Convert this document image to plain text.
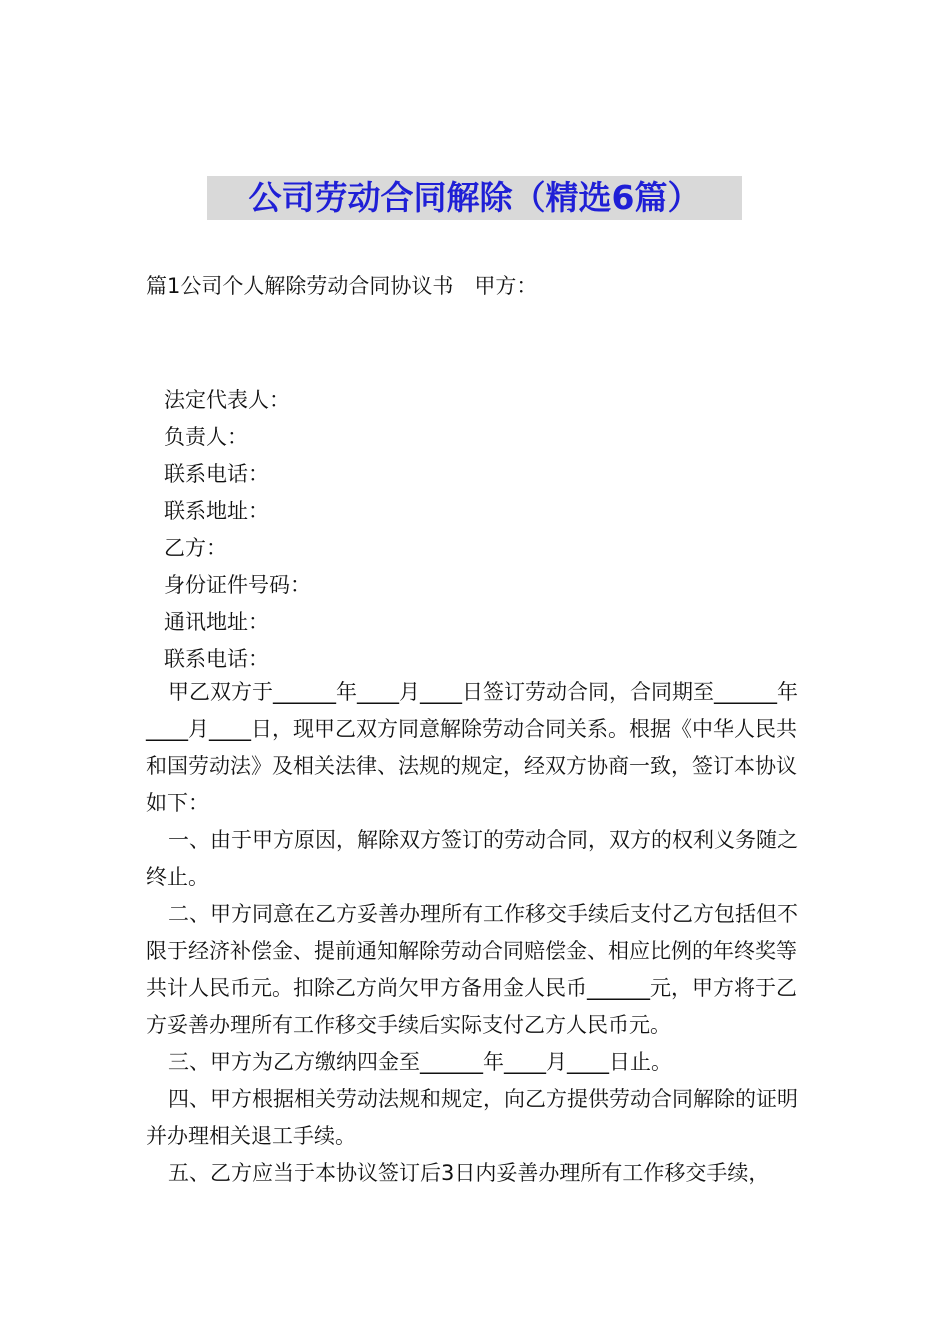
公司劳动合同解除（精选6篇）
篇1公司个人解除劳动合同协议书　甲方：
法定代表人：
负责人：
联系电话：
联系地址：
乙方：
身份证件号码：
通讯地址：
联系电话：
甲乙双方于______年____月____日签订劳动合同，合同期至______年____月____日，现甲乙双方同意解除劳动合同关系。根据《中华人民共和国劳动法》及相关法律、法规的规定，经双方协商一致，签订本协议如下：
一、由于甲方原因，解除双方签订的劳动合同，双方的权利义务随之终止。
二、甲方同意在乙方妥善办理所有工作移交手续后支付乙方包括但不限于经济补偿金、提前通知解除劳动合同赔偿金、相应比例的年终奖等共计人民币元。扣除乙方尚欠甲方备用金人民币______元，甲方将于乙方妥善办理所有工作移交手续后实际支付乙方人民币元。
三、甲方为乙方缴纳四金至______年____月____日止。
四、甲方根据相关劳动法规和规定，向乙方提供劳动合同解除的证明并办理相关退工手续。
五、乙方应当于本协议签订后3日内妥善办理所有工作移交手续，
